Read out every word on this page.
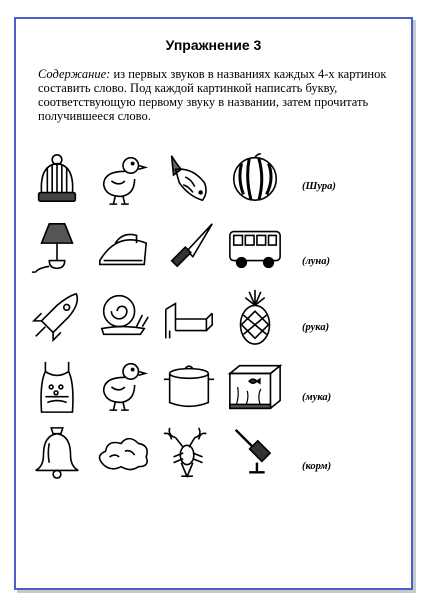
Упражнение 3
Содержание: из первых звуков в названиях каждых 4-х картинок составить слово. Под каждой картинкой написать букву, соответствующую первому звуку в названии, затем прочитать получившееся слово.
(Шура)
(луна)
(рука)
(мука)
(корм)
